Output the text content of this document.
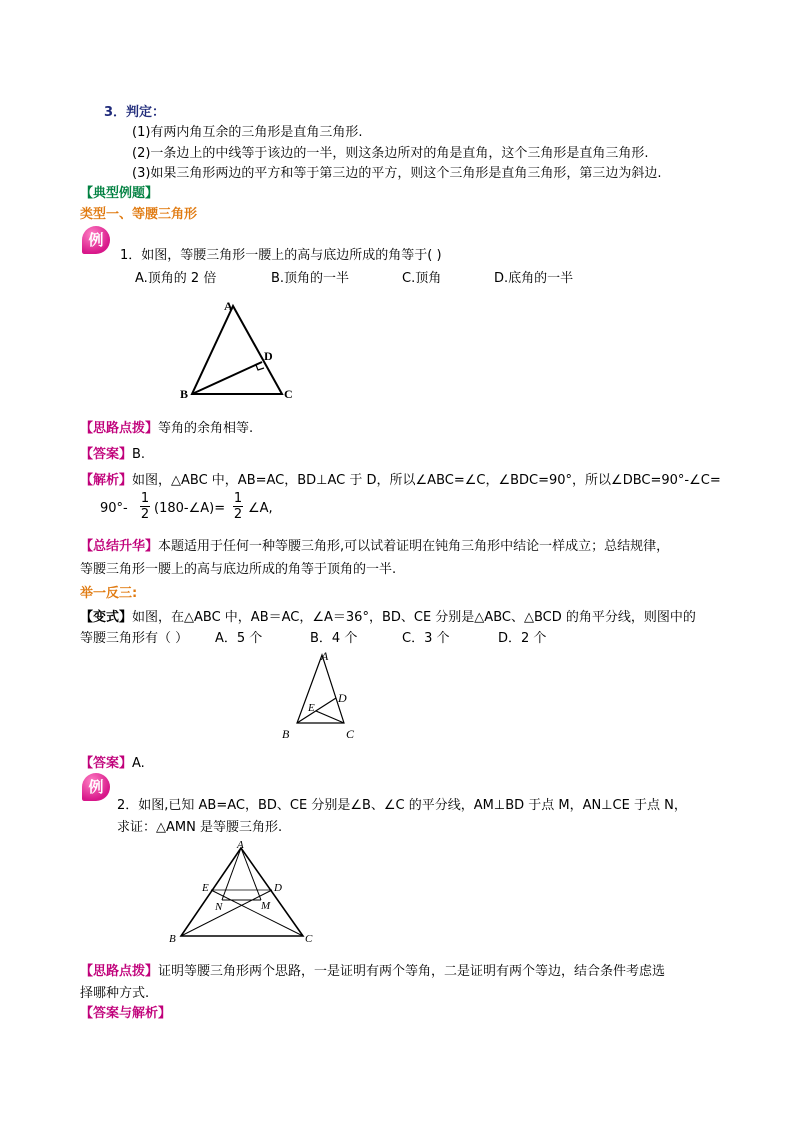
3．判定：
(1)有两内角互余的三角形是直角三角形.
(2)一条边上的中线等于该边的一半，则这条边所对的角是直角，这个三角形是直角三角形.
(3)如果三角形两边的平方和等于第三边的平方，则这个三角形是直角三角形，第三边为斜边.
【典型例题】
类型一、等腰三角形
例
1．如图，等腰三角形一腰上的高与底边所成的角等于( )
A.顶角的 2 倍	B.顶角的一半	C.顶角	D.底角的一半
A
B	C
D
【思路点拨】等角的余角相等.
【答案】B.
【解析】如图，△ABC 中，AB=AC，BD⊥AC 于 D，所以∠ABC=∠C，∠BDC=90°，所以∠DBC=90°-∠C=
90°-
1
2 (180-∠A)=
1
2 ∠A,
【总结升华】本题适用于任何一种等腰三角形,可以试着证明在钝角三角形中结论一样成立；总结规律，
等腰三角形一腰上的高与底边所成的角等于顶角的一半.
举一反三:
【变式】如图，在△ABC 中，AB＝AC，∠A＝36°，BD、CE 分别是△ABC、△BCD 的角平分线，则图中的
等腰三角形有（ ） A．5 个	B．4 个	C．3 个	D．2 个
A
B	C
D
E
【答案】A.
例
2．如图,已知 AB=AC，BD、CE 分别是∠B、∠C 的平分线，AM⊥BD 于点 M，AN⊥CE 于点 N，
求证：△AMN 是等腰三角形.
A
B	C
D
E
M
N
【思路点拨】证明等腰三角形两个思路，一是证明有两个等角，二是证明有两个等边，结合条件考虑选
择哪种方式.
【答案与解析】
